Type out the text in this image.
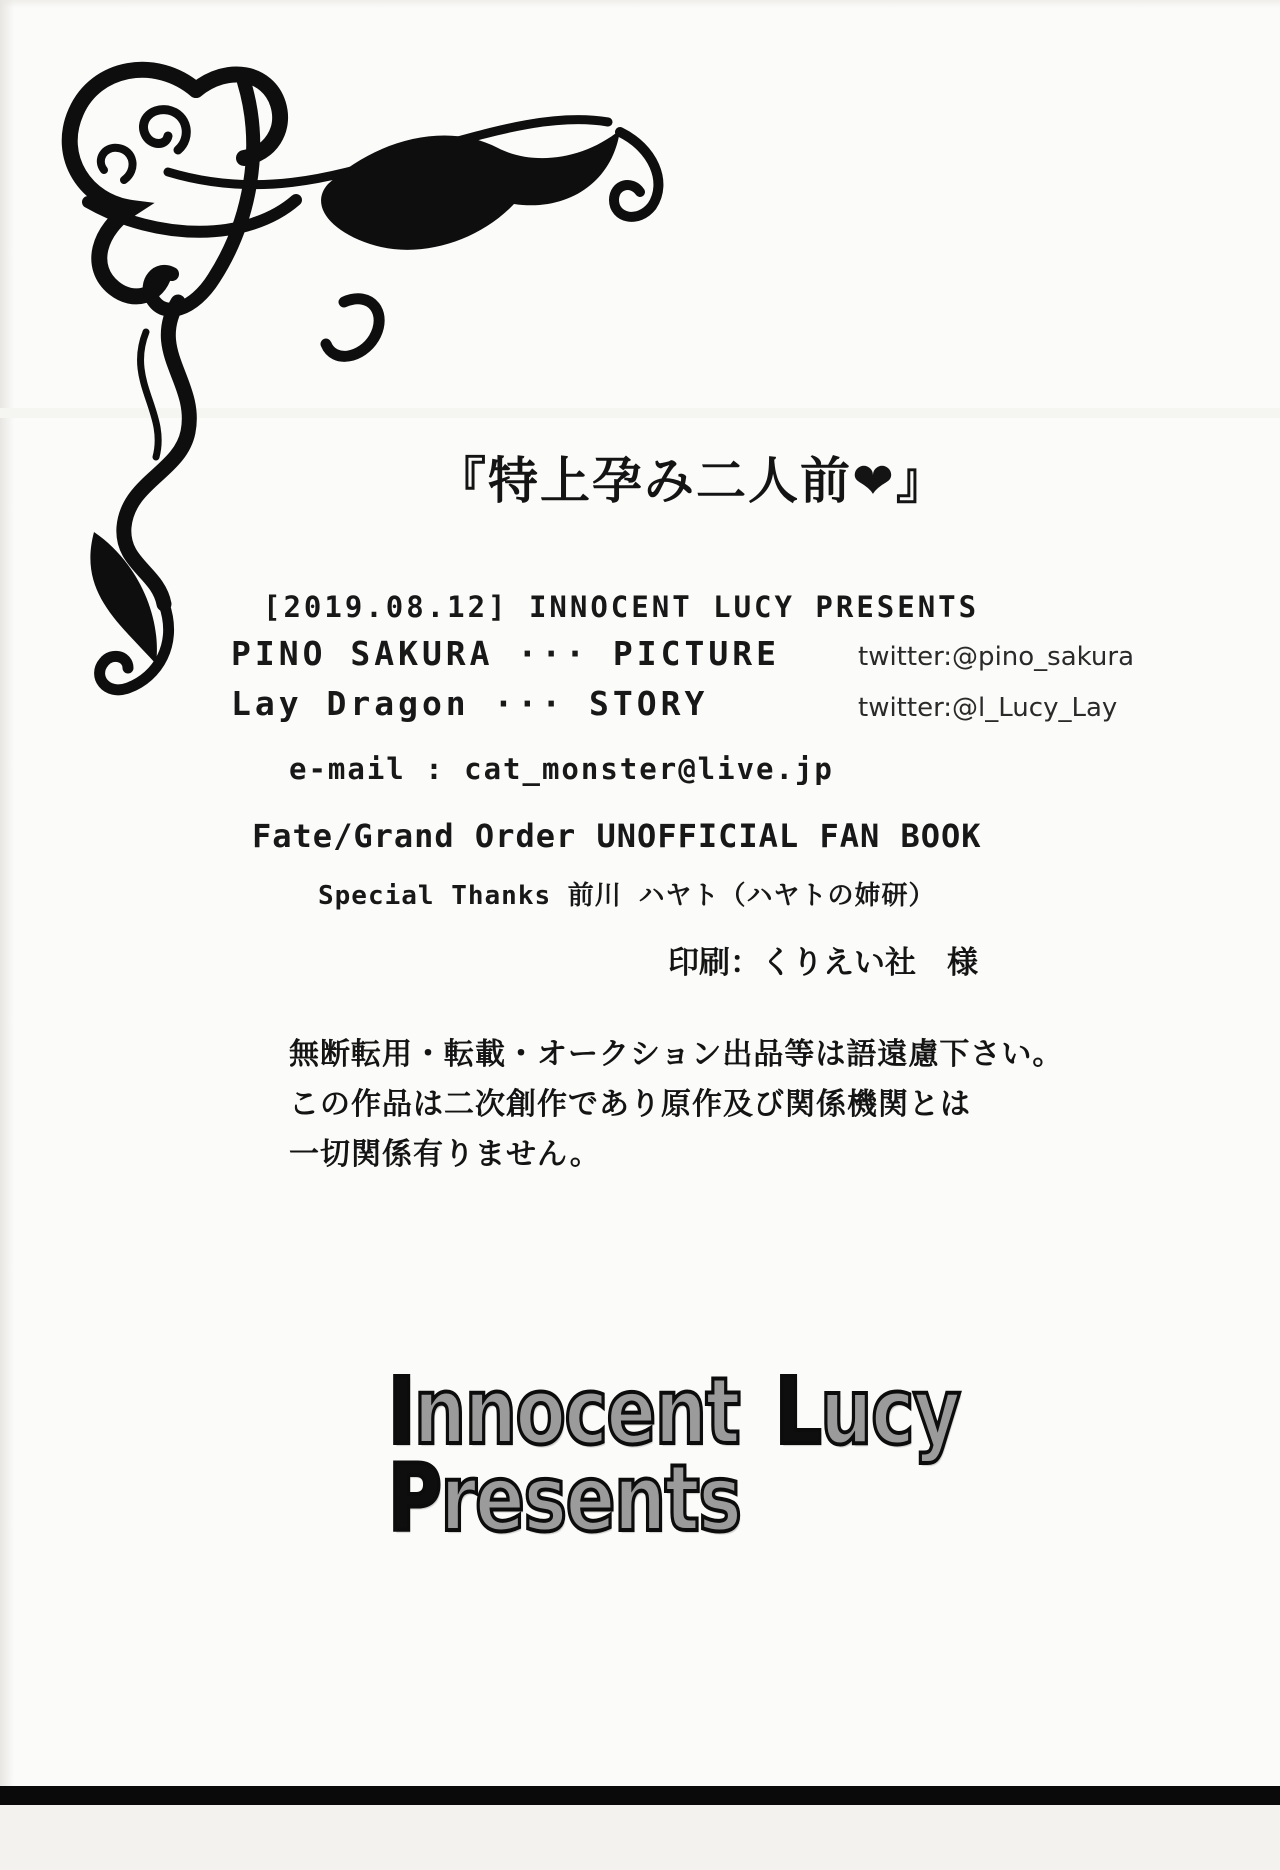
『特上孕み二人前❤』
[2019.08.12] INNOCENT LUCY PRESENTS
PINO SAKURA ··· PICTURE	twitter:@pino_sakura
Lay Dragon ··· STORY	twitter:@l_Lucy_Lay
e-mail : cat_monster@live.jp
Fate/Grand Order UNOFFICIAL FAN BOOK
Special Thanks 前川 ハヤト（ハヤトの姉研）
印刷：くりえい社　様
無断転用・転載・オークション出品等は語遠慮下さい。
この作品は二次創作であり原作及び関係機関とは
一切関係有りません。
Innocent Lucy
Presents
